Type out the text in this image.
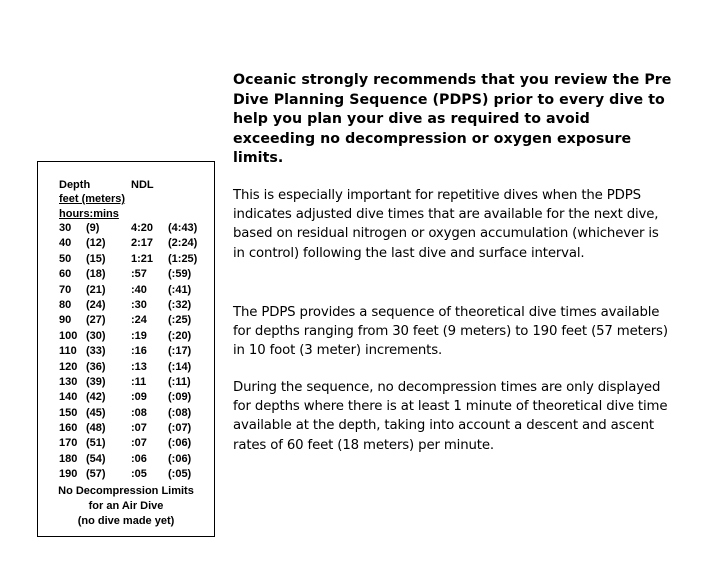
Depth	NDL
feet (meters)
hours:mins
30 (9)	4:20 (4:43)
40 (12) 2:17 (2:24)
50 (15) 1:21 (1:25)
60 (18) :57 (:59)
70 (21) :40 (:41)
80 (24) :30 (:32)
90 (27) :24 (:25)
100 (30) :19 (:20)
110 (33) :16 (:17)
120 (36) :13 (:14)
130 (39) :11 (:11)
140 (42) :09 (:09)
150 (45) :08 (:08)
160 (48) :07 (:07)
170 (51) :07 (:06)
180 (54) :06 (:06)
190 (57) :05 (:05)
No Decompression Limits
for an Air Dive
(no dive made yet)
Oceanic strongly recommends that you review the Pre Dive Planning Sequence (PDPS) prior to every dive to help you plan your dive as required to avoid exceeding no decompression or oxygen exposure limits.
This is especially important for repetitive dives when the PDPS indicates adjusted dive times that are available for the next dive, based on residual nitrogen or oxygen accumulation (whichever is in control) following the last dive and surface interval.
The PDPS provides a sequence of theoretical dive times available for depths ranging from 30 feet (9 meters) to 190 feet (57 meters) in 10 foot (3 meter) increments.
During the sequence, no decompression times are only displayed for depths where there is at least 1 minute of theoretical dive time available at the depth, taking into account a descent and ascent rates of 60 feet (18 meters) per minute.
